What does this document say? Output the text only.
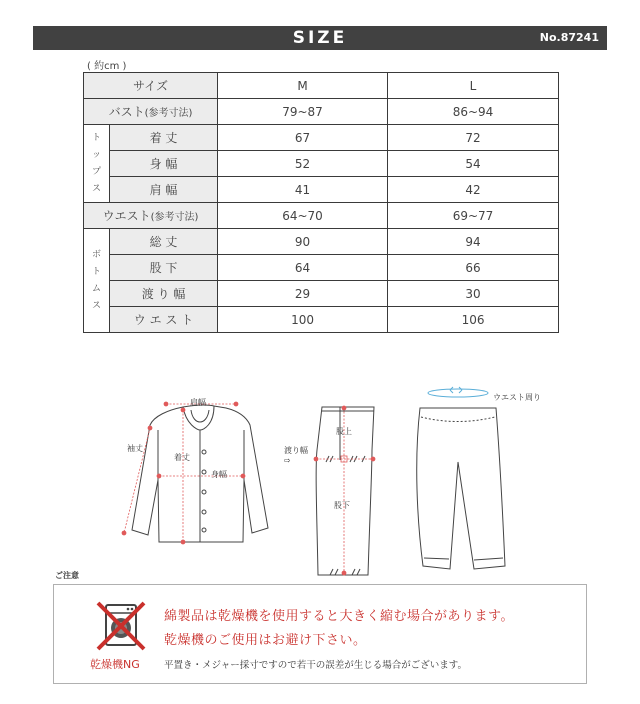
SIZE	No.87241
( 約cm )
サイズ		M	L
バスト(参考寸法)		79~87	86~94

ト
ッ
プ
ス	着 丈	67	72
	身 幅	52	54
	肩 幅	41	42
ウエスト(参考寸法)		64~70	69~77

ボ
ト
ム
ス	総 丈	90	94
	股 下	64	66
	渡 り 幅	29	30
	ウ エ ス ト	100	106
肩幅
袖丈
着丈
身幅
渡り幅
⇨
股上
股下
ウエスト周り
ご注意
乾燥機NG
綿製品は乾燥機を使用すると大きく縮む場合があります。
乾燥機のご使用はお避け下さい。
平置き・メジャー採寸ですので若干の誤差が生じる場合がございます。
